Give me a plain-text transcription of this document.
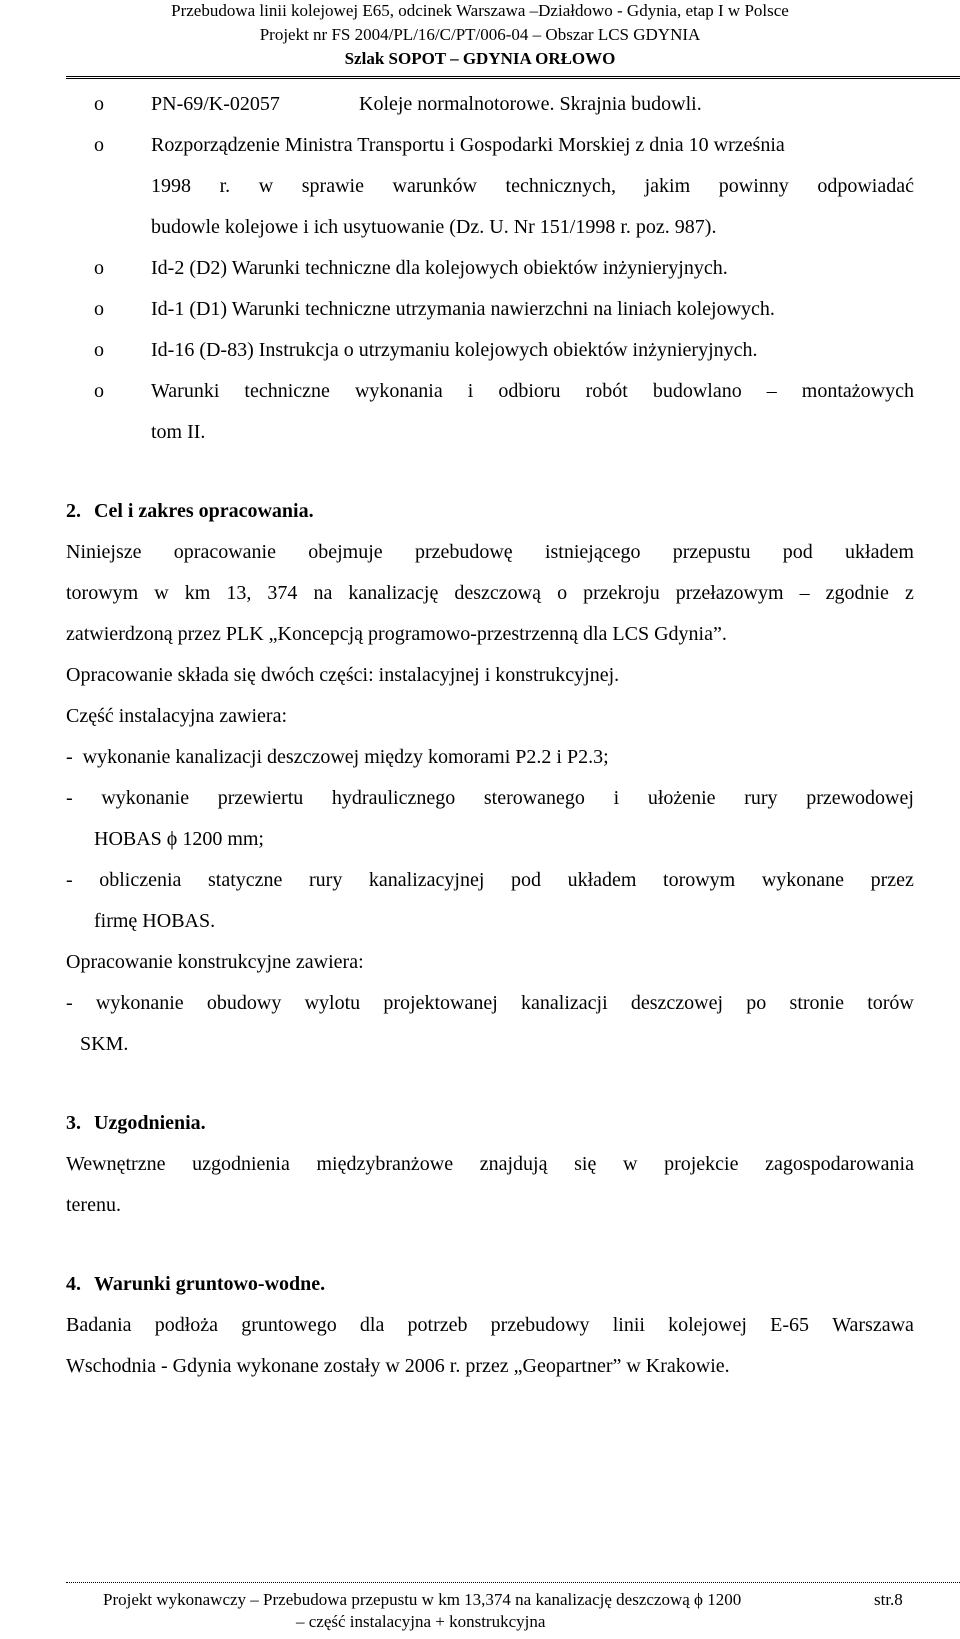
Przebudowa linii kolejowej E65, odcinek Warszawa –Działdowo - Gdynia, etap I w Polsce
Projekt nr FS 2004/PL/16/C/PT/006-04 – Obszar LCS GDYNIA
Szlak SOPOT – GDYNIA ORŁOWO
o PN-69/K-02057	Koleje normalnotorowe. Skrajnia budowli.
o Rozporządzenie Ministra Transportu i Gospodarki Morskiej z dnia 10 września
1998 r. w sprawie warunków technicznych, jakim powinny odpowiadać
budowle kolejowe i ich usytuowanie (Dz. U. Nr 151/1998 r. poz. 987).
o Id-2 (D2) Warunki techniczne dla kolejowych obiektów inżynieryjnych.
o Id-1 (D1) Warunki techniczne utrzymania nawierzchni na liniach kolejowych.
o Id-16 (D-83) Instrukcja o utrzymaniu kolejowych obiektów inżynieryjnych.
o Warunki techniczne wykonania i odbioru robót budowlano – montażowych
tom II.
2. Cel i zakres opracowania.
Niniejsze opracowanie obejmuje przebudowę istniejącego przepustu pod układem
torowym w km 13, 374 na kanalizację deszczową o przekroju przełazowym – zgodnie z
zatwierdzoną przez PLK „Koncepcją programowo-przestrzenną dla LCS Gdynia”.
Opracowanie składa się dwóch części: instalacyjnej i konstrukcyjnej.
Część instalacyjna zawiera:
-  wykonanie kanalizacji deszczowej między komorami P2.2 i P2.3;
- wykonanie przewiertu hydraulicznego sterowanego i ułożenie rury przewodowej
HOBAS ϕ 1200 mm;
- obliczenia statyczne rury kanalizacyjnej pod układem torowym wykonane przez
firmę HOBAS.
Opracowanie konstrukcyjne zawiera:
- wykonanie obudowy wylotu projektowanej kanalizacji deszczowej po stronie torów
SKM.
3. Uzgodnienia.
Wewnętrzne uzgodnienia międzybranżowe znajdują się w projekcie zagospodarowania
terenu.
4. Warunki gruntowo-wodne.
Badania podłoża gruntowego dla potrzeb przebudowy linii kolejowej E-65 Warszawa
Wschodnia - Gdynia wykonane zostały w 2006 r. przez „Geopartner” w Krakowie.
Projekt wykonawczy – Przebudowa przepustu w km 13,374 na kanalizację deszczową ϕ 1200
– część instalacyjna + konstrukcyjna
str.8
